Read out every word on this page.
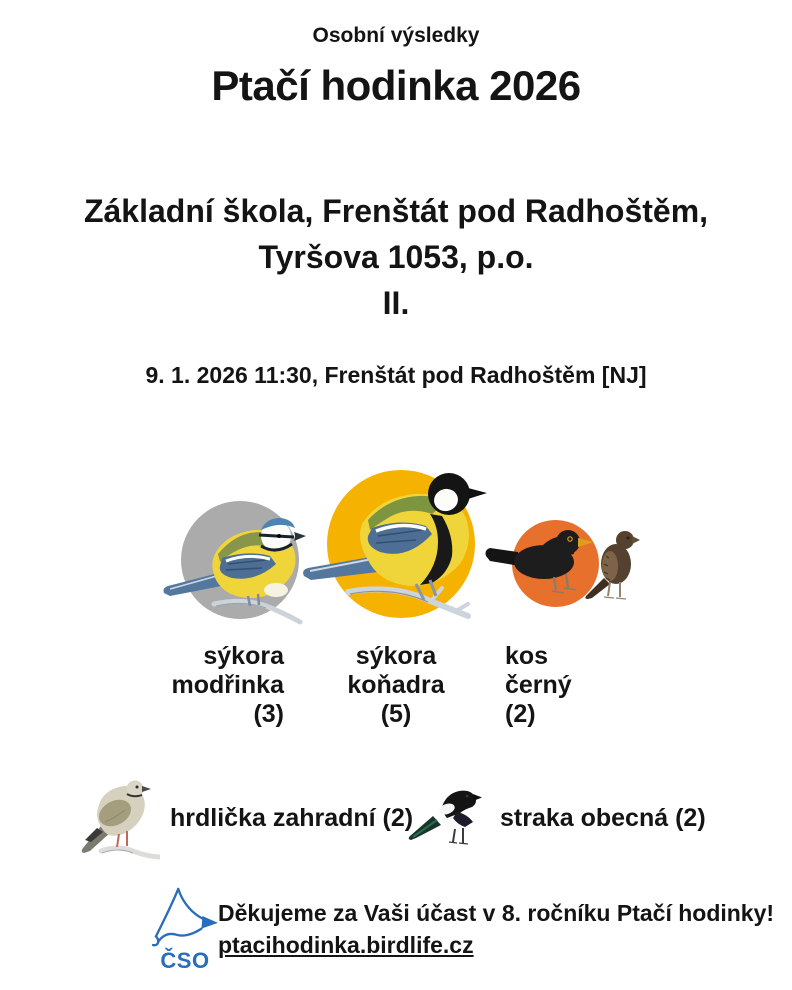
Osobní výsledky
Ptačí hodinka 2026
Základní škola, Frenštát pod Radhoštěm,
Tyršova 1053, p.o.
II.
9. 1. 2026 11:30, Frenštát pod Radhoštěm [NJ]
sýkora
modřinka
(3)
sýkora
koňadra
(5)
kos
černý
(2)
hrdlička zahradní (2)	straka obecná (2)
ČSO
Děkujeme za Vaši účast v 8. ročníku Ptačí hodinky!
ptacihodinka.birdlife.cz
